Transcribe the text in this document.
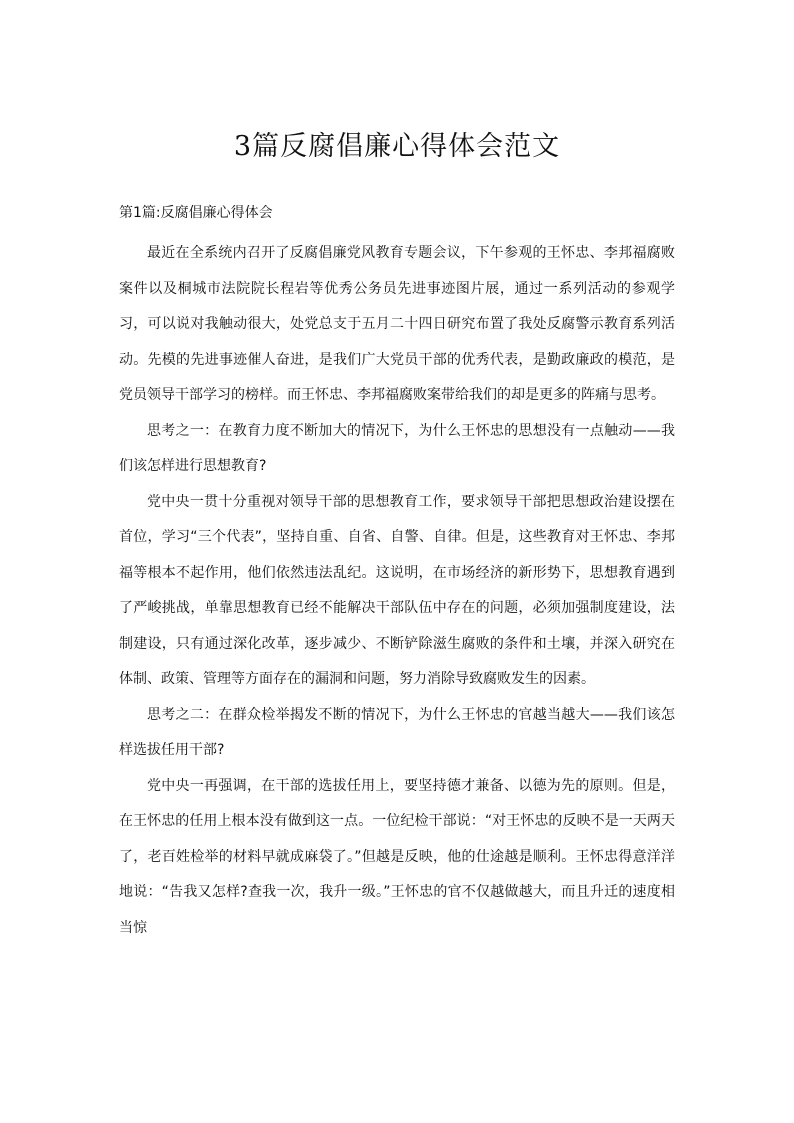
3篇反腐倡廉心得体会范文

第1篇:反腐倡廉心得体会

最近在全系统内召开了反腐倡廉党风教育专题会议，下午参观的王怀忠、李邦福腐败案件以及桐城市法院院长程岩等优秀公务员先进事迹图片展，通过一系列活动的参观学习，可以说对我触动很大，处党总支于五月二十四日研究布置了我处反腐警示教育系列活动。先模的先进事迹催人奋进，是我们广大党员干部的优秀代表，是勤政廉政的模范，是党员领导干部学习的榜样。而王怀忠、李邦福腐败案带给我们的却是更多的阵痛与思考。

思考之一：在教育力度不断加大的情况下，为什么王怀忠的思想没有一点触动——我们该怎样进行思想教育?

党中央一贯十分重视对领导干部的思想教育工作，要求领导干部把思想政治建设摆在首位，学习“三个代表”，坚持自重、自省、自警、自律。但是，这些教育对王怀忠、李邦福等根本不起作用，他们依然违法乱纪。这说明，在市场经济的新形势下，思想教育遇到了严峻挑战，单靠思想教育已经不能解决干部队伍中存在的问题，必须加强制度建设，法制建设，只有通过深化改革，逐步减少、不断铲除滋生腐败的条件和土壤，并深入研究在体制、政策、管理等方面存在的漏洞和问题，努力消除导致腐败发生的因素。

思考之二：在群众检举揭发不断的情况下，为什么王怀忠的官越当越大——我们该怎样选拔任用干部?

党中央一再强调，在干部的选拔任用上，要坚持德才兼备、以德为先的原则。但是，在王怀忠的任用上根本没有做到这一点。一位纪检干部说：“对王怀忠的反映不是一天两天了，老百姓检举的材料早就成麻袋了。”但越是反映，他的仕途越是顺利。王怀忠得意洋洋地说：“告我又怎样?查我一次，我升一级。”王怀忠的官不仅越做越大，而且升迁的速度相当惊
